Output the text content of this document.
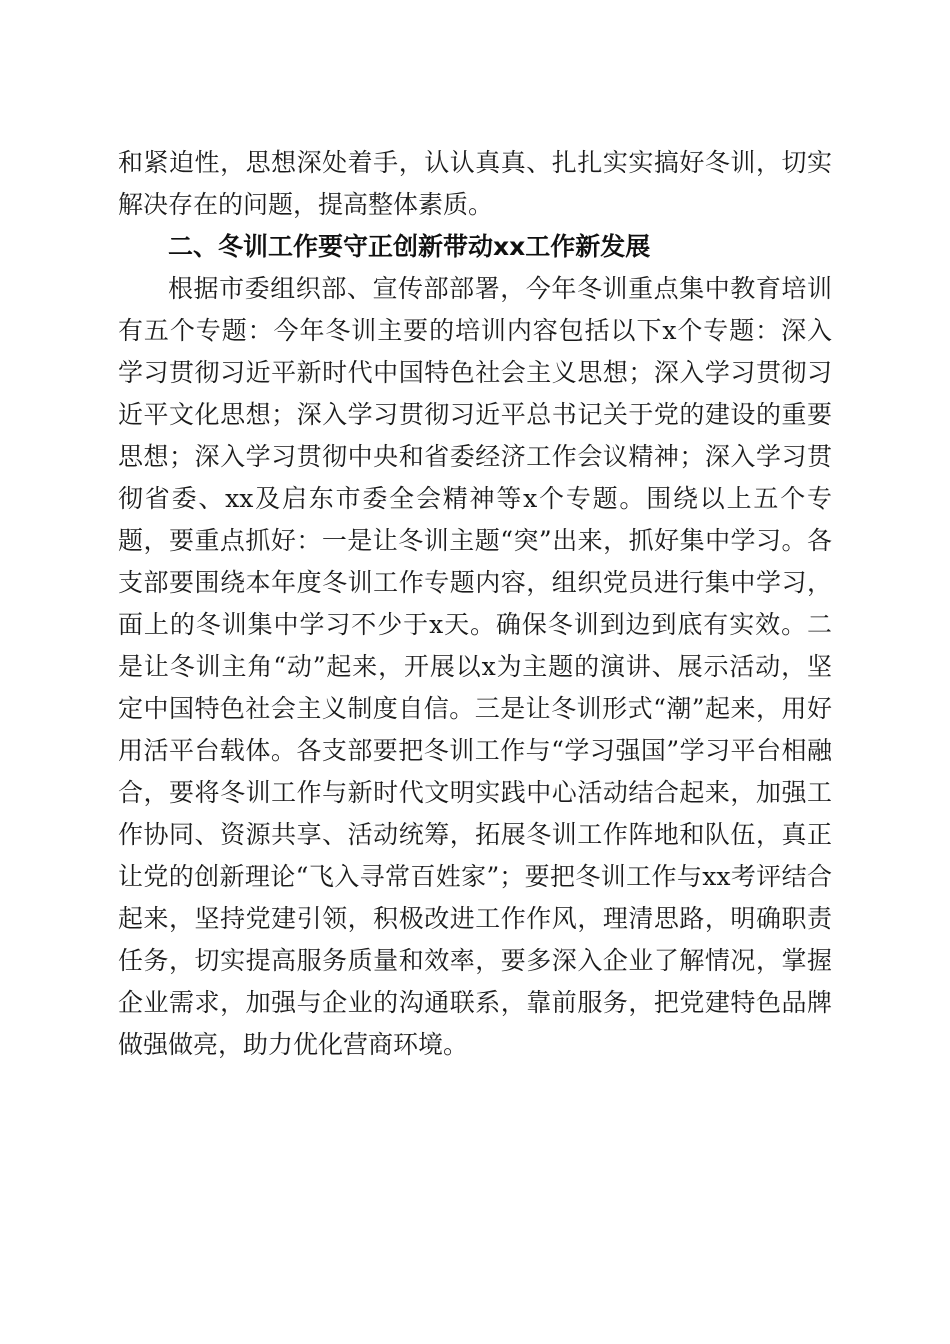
和紧迫性，思想深处着手，认认真真、扎扎实实搞好冬训，切实解决存在的问题，提高整体素质。

二、冬训工作要守正创新带动xx工作新发展

根据市委组织部、宣传部部署，今年冬训重点集中教育培训有五个专题：今年冬训主要的培训内容包括以下x个专题：深入学习贯彻习近平新时代中国特色社会主义思想；深入学习贯彻习近平文化思想；深入学习贯彻习近平总书记关于党的建设的重要思想；深入学习贯彻中央和省委经济工作会议精神；深入学习贯彻省委、xx及启东市委全会精神等x个专题。围绕以上五个专题，要重点抓好：一是让冬训主题“突”出来，抓好集中学习。各支部要围绕本年度冬训工作专题内容，组织党员进行集中学习，面上的冬训集中学习不少于x天。确保冬训到边到底有实效。二是让冬训主角“动”起来，开展以x为主题的演讲、展示活动，坚定中国特色社会主义制度自信。三是让冬训形式“潮”起来，用好用活平台载体。各支部要把冬训工作与“学习强国”学习平台相融合，要将冬训工作与新时代文明实践中心活动结合起来，加强工作协同、资源共享、活动统筹，拓展冬训工作阵地和队伍，真正让党的创新理论“飞入寻常百姓家”；要把冬训工作与xx考评结合起来，坚持党建引领，积极改进工作作风，理清思路，明确职责任务，切实提高服务质量和效率，要多深入企业了解情况，掌握企业需求，加强与企业的沟通联系，靠前服务，把党建特色品牌做强做亮，助力优化营商环境。
